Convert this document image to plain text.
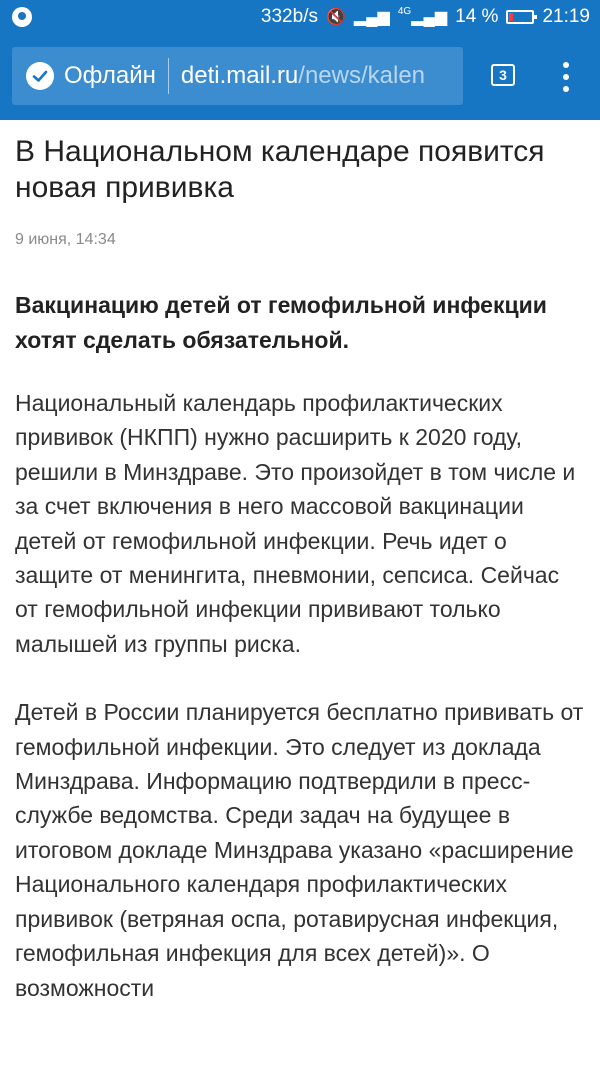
332b/s 🔇 ▂▄▆ $^{4G}$▂▄▆ 14 % 21:19
Офлайн deti.mail.ru/news/kalen	3
В Национальном календаре появится новая прививка
9 июня, 14:34
Вакцинацию детей от гемофильной инфекции хотят сделать обязательной.
Национальный календарь профилактических прививок (НКПП) нужно расширить к 2020 году, решили в Минздраве. Это произойдет в том числе и за счет включения в него массовой вакцинации детей от гемофильной инфекции. Речь идет о защите от менингита, пневмонии, сепсиса. Сейчас от гемофильной инфекции прививают только малышей из группы риска.
Детей в России планируется бесплатно прививать от гемофильной инфекции. Это следует из доклада Минздрава. Информацию подтвердили в пресс-службе ведомства. Среди задач на будущее в итоговом докладе Минздрава указано «расширение Национального календаря профилактических прививок (ветряная оспа, ротавирусная инфекция, гемофильная инфекция для всех детей)». О возможности
